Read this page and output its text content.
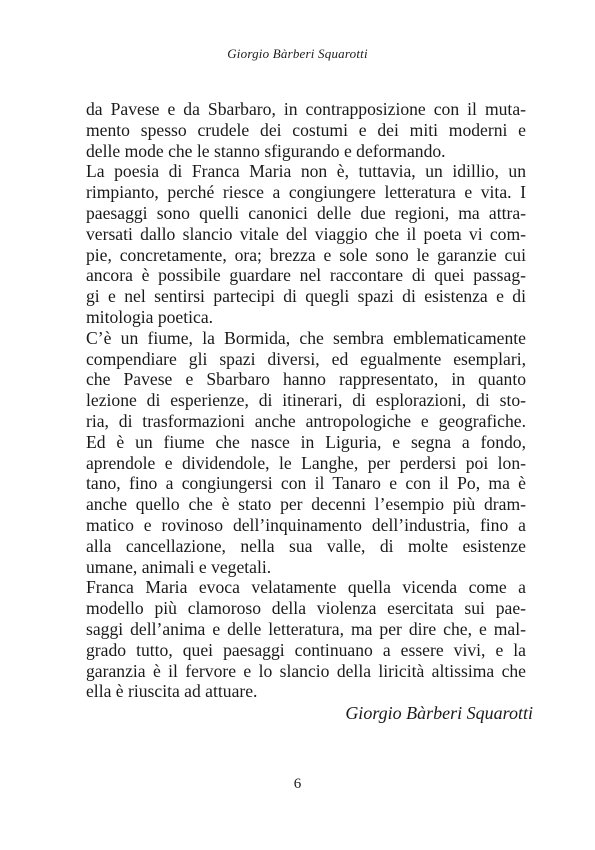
Giorgio Bàrberi Squarotti
da Pavese e da Sbarbaro, in contrapposizione con il muta-
mento spesso crudele dei costumi e dei miti moderni e
delle mode che le stanno sfigurando e deformando.
La poesia di Franca Maria non è, tuttavia, un idillio, un
rimpianto, perché riesce a congiungere letteratura e vita. I
paesaggi sono quelli canonici delle due regioni, ma attra-
versati dallo slancio vitale del viaggio che il poeta vi com-
pie, concretamente, ora; brezza e sole sono le garanzie cui
ancora è possibile guardare nel raccontare di quei passag-
gi e nel sentirsi partecipi di quegli spazi di esistenza e di
mitologia poetica.
C’è un fiume, la Bormida, che sembra emblematicamente
compendiare gli spazi diversi, ed egualmente esemplari,
che Pavese e Sbarbaro hanno rappresentato, in quanto
lezione di esperienze, di itinerari, di esplorazioni, di sto-
ria, di trasformazioni anche antropologiche e geografiche.
Ed è un fiume che nasce in Liguria, e segna a fondo,
aprendole e dividendole, le Langhe, per perdersi poi lon-
tano, fino a congiungersi con il Tanaro e con il Po, ma è
anche quello che è stato per decenni l’esempio più dram-
matico e rovinoso dell’inquinamento dell’industria, fino a
alla cancellazione, nella sua valle, di molte esistenze
umane, animali e vegetali.
Franca Maria evoca velatamente quella vicenda come a
modello più clamoroso della violenza esercitata sui pae-
saggi dell’anima e delle letteratura, ma per dire che, e mal-
grado tutto, quei paesaggi continuano a essere vivi, e la
garanzia è il fervore e lo slancio della liricità altissima che
ella è riuscita ad attuare.
Giorgio Bàrberi Squarotti
6
